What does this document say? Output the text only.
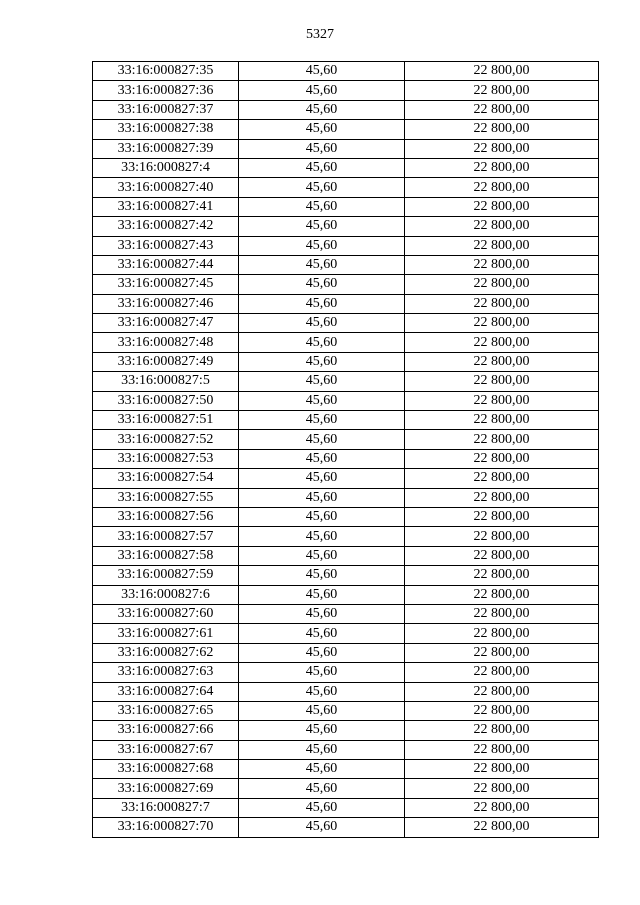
5327
33:16:000827:35	45,60	22 800,00
33:16:000827:36	45,60	22 800,00
33:16:000827:37	45,60	22 800,00
33:16:000827:38	45,60	22 800,00
33:16:000827:39	45,60	22 800,00
33:16:000827:4	45,60	22 800,00
33:16:000827:40	45,60	22 800,00
33:16:000827:41	45,60	22 800,00
33:16:000827:42	45,60	22 800,00
33:16:000827:43	45,60	22 800,00
33:16:000827:44	45,60	22 800,00
33:16:000827:45	45,60	22 800,00
33:16:000827:46	45,60	22 800,00
33:16:000827:47	45,60	22 800,00
33:16:000827:48	45,60	22 800,00
33:16:000827:49	45,60	22 800,00
33:16:000827:5	45,60	22 800,00
33:16:000827:50	45,60	22 800,00
33:16:000827:51	45,60	22 800,00
33:16:000827:52	45,60	22 800,00
33:16:000827:53	45,60	22 800,00
33:16:000827:54	45,60	22 800,00
33:16:000827:55	45,60	22 800,00
33:16:000827:56	45,60	22 800,00
33:16:000827:57	45,60	22 800,00
33:16:000827:58	45,60	22 800,00
33:16:000827:59	45,60	22 800,00
33:16:000827:6	45,60	22 800,00
33:16:000827:60	45,60	22 800,00
33:16:000827:61	45,60	22 800,00
33:16:000827:62	45,60	22 800,00
33:16:000827:63	45,60	22 800,00
33:16:000827:64	45,60	22 800,00
33:16:000827:65	45,60	22 800,00
33:16:000827:66	45,60	22 800,00
33:16:000827:67	45,60	22 800,00
33:16:000827:68	45,60	22 800,00
33:16:000827:69	45,60	22 800,00
33:16:000827:7	45,60	22 800,00
33:16:000827:70	45,60	22 800,00
